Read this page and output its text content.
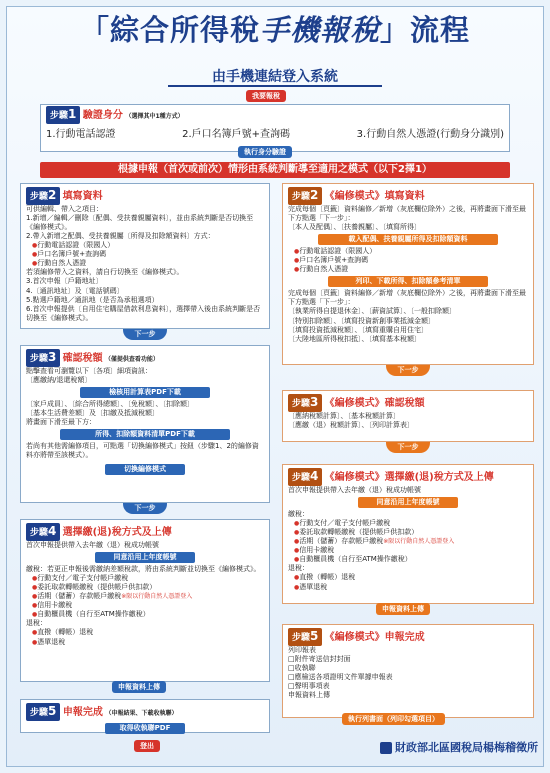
「綜合所得稅手機報稅」流程
由手機連結登入系統
我要報稅
步驟1 驗證身分 （選擇其中1種方式）
1.行動電話認證	2.戶口名簿戶號+查詢碼	3.行動自然人憑證(行動身分識別)
執行身分驗證
根據申報（首次或前次）情形由系統判斷導至適用之模式（以下2擇1）
步驟2 填寫資料
可供編輯、帶入之項目：
1.新增／編輯／刪除〔配偶、受扶養親屬資料〕，並由系統判斷是否切換至《編修模式》。
2.帶入新增之配偶、受扶養親屬〔所得及扣除額資料〕方式：
● 行動電話認證（限國人）
● 戶口名簿戶號+查詢碼
● 行動自然人憑證
若須編修帶入之資料，請自行切換至《編修模式》。
3.首次申報〔戶籍地址〕
4.〔通訊地址〕及〔電話號碼〕
5.點選戶籍地／通訊地（是否為承租選項）
6.首次申報提供〔自用住宅購屋借款利息資料〕，選擇帶入後由系統判斷是否切換至《編修模式》。
下一步
步驟3 確認稅額 （僅提供查看功能）
點擊查看可瀏覽以下〔各項〕細項資訊：
〔應繳納/退還稅額〕
檢核用計算表PDF下載
〔家戶成員〕、〔綜合所得總額〕、〔免稅額〕、〔扣除額〕
〔基本生活費差額〕及〔扣繳及抵減稅額〕
將畫面下滑至最下方：
所得、扣除額資料清單PDF下載
若尚有其他需編修項目，可點選「切換編修模式」按鈕（步驟1、2的編修資料亦將帶至該模式）。
切換編修模式
下一步
步驟4 選擇繳(退)稅方式及上傳
首次申報提供帶入去年繳（退）稅成功帳號
同意沿用上年度帳號
繳稅：若更正申報後需繳納差額稅款，將由系統判斷並切換至《編修模式》。
● 行動支付／電子支付帳戶繳稅
● 委託取款轉帳繳稅（提供帳戶供扣款）
● 活期（儲蓄）存款帳戶繳稅※限以行動自然人憑證登入
● 信用卡繳稅
● 自動櫃員機（自行至ATM操作繳稅）
退稅：
● 直撥（轉帳）退稅
● 憑單退稅
申報資料上傳
步驟5 申報完成 （申報結果、下載收執聯）
取得收執聯PDF
登出
步驟2 《編修模式》填寫資料
完成每個〔頁籤〕資料編修／新增（灰底欄位除外）之後，再將畫面下滑至最下方點選「下一步」：
〔本人及配偶〕、〔扶養親屬〕、〔填寫所得〕
載入配偶、扶養親屬所得及扣除額資料
● 行動電話認證（限國人）
● 戶口名簿戶號+查詢碼
● 行動自然人憑證
列印、下載所得、扣除額參考清單
完成每個〔頁籤〕資料編修／新增（灰底欄位除外）之後，再將畫面下滑至最下方點選「下一步」：
〔執業所得自提退休金〕、〔薪資試算〕、〔一般扣除額〕
〔特別扣除額〕、〔填寫投資新創事業抵減金額〕
〔填寫投資抵減稅額〕、〔填寫重購自用住宅〕
〔大陸地區所得稅扣抵〕、〔填寫基本稅額〕
下一步
步驟3 《編修模式》確認稅額
〔應納稅額計算〕、〔基本稅額計算〕
〔應繳（退）稅額計算〕、〔列印計算表〕
下一步
步驟4 《編修模式》選擇繳(退)稅方式及上傳
首次申報提供帶入去年繳（退）稅成功帳號
同意沿用上年度帳號
繳稅：
● 行動支付／電子支付帳戶繳稅
● 委託取款轉帳繳稅（提供帳戶供扣款）
● 活期（儲蓄）存款帳戶繳稅※限以行動自然人憑證登入
● 信用卡繳稅
● 自動櫃員機（自行至ATM操作繳稅）
退稅：
● 直撥（轉帳）退稅
● 憑單退稅
申報資料上傳
步驟5 《編修模式》申報完成
列印報表
□ 附件寄送信封封面
□ 收執聯
□ 應檢送各項證明文件單據申報表
□ 聲明事項表
申報資料上傳
執行列書面（列印勾選項目）
財政部北區國稅局楊梅稽徵所
